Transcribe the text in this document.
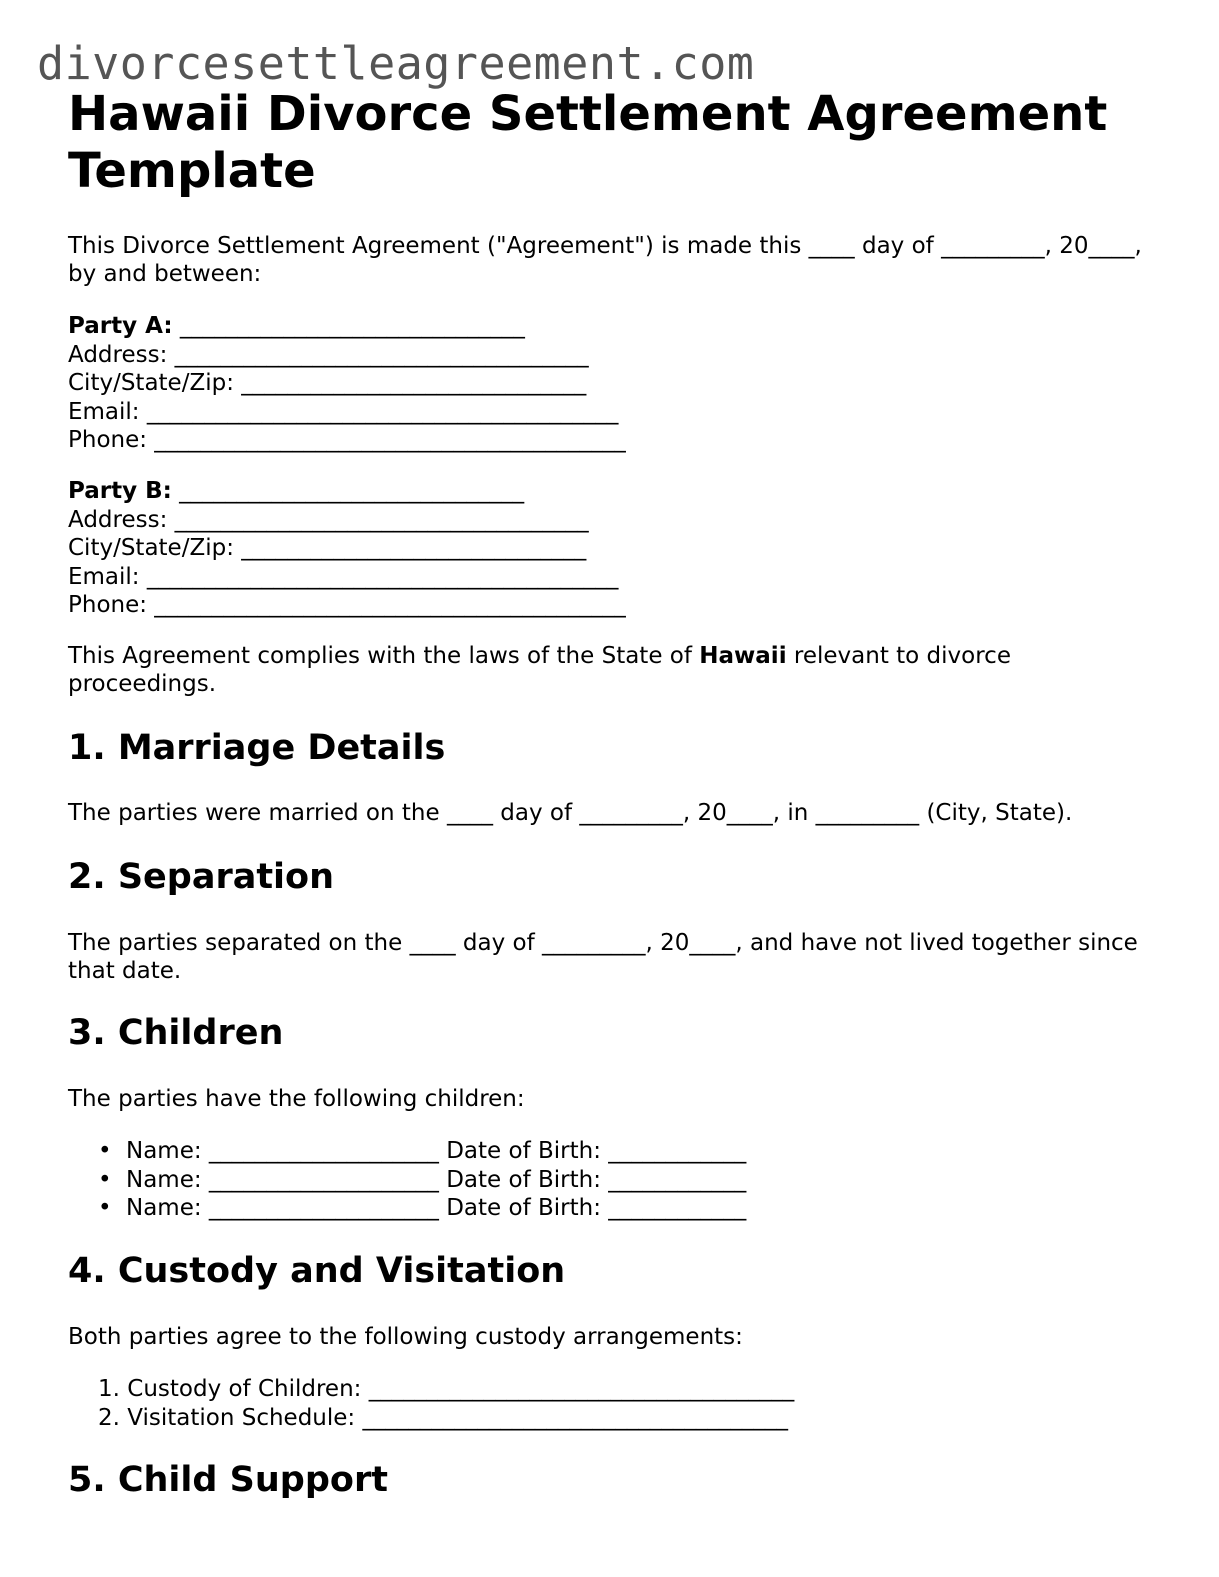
divorcesettleagreement.com
Hawaii Divorce Settlement Agreement Template

This Divorce Settlement Agreement ("Agreement") is made this ____ day of _________, 20____, by and between:

Party A: ______________________________
Address: ____________________________________
City/State/Zip: ______________________________
Email: _________________________________________
Phone: _________________________________________
Party B: ______________________________
Address: ____________________________________
City/State/Zip: ______________________________
Email: _________________________________________
Phone: _________________________________________

This Agreement complies with the laws of the State of Hawaii relevant to divorce proceedings.

1. Marriage Details

The parties were married on the ____ day of _________, 20____, in _________ (City, State).

2. Separation

The parties separated on the ____ day of _________, 20____, and have not lived together since that date.

3. Children

The parties have the following children:

• Name: ____________________ Date of Birth: ____________
• Name: ____________________ Date of Birth: ____________
• Name: ____________________ Date of Birth: ____________
4. Custody and Visitation

Both parties agree to the following custody arrangements:

1. Custody of Children: _____________________________________
2. Visitation Schedule: _____________________________________
5. Child Support
